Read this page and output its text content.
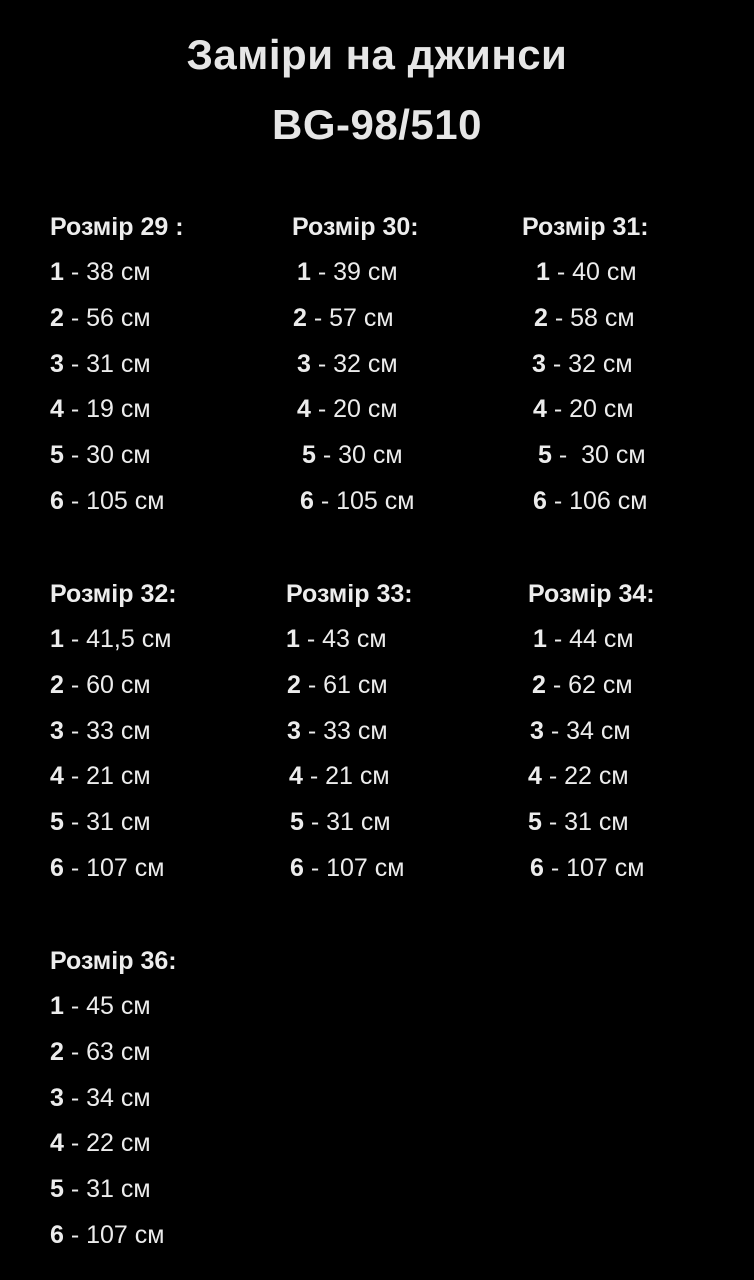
Заміри на джинси
BG-98/510
Розмір 29 :
1 - 38 см
2 - 56 см
3 - 31 см
4 - 19 см
5 - 30 см
6 - 105 см
Розмір 30:
1 - 39 см
2 - 57 см
3 - 32 см
4 - 20 см
5 - 30 см
6 - 105 см
Розмір 31:
1 - 40 см
2 - 58 см
3 - 32 см
4 - 20 см
5 -  30 см
6 - 106 см
Розмір 32:
1 - 41,5 см
2 - 60 см
3 - 33 см
4 - 21 см
5 - 31 см
6 - 107 см
Розмір 33:
1 - 43 см
2 - 61 см
3 - 33 см
4 - 21 см
5 - 31 см
6 - 107 см
Розмір 34:
1 - 44 см
2 - 62 см
3 - 34 см
4 - 22 см
5 - 31 см
6 - 107 см
Розмір 36:
1 - 45 см
2 - 63 см
3 - 34 см
4 - 22 см
5 - 31 см
6 - 107 см
